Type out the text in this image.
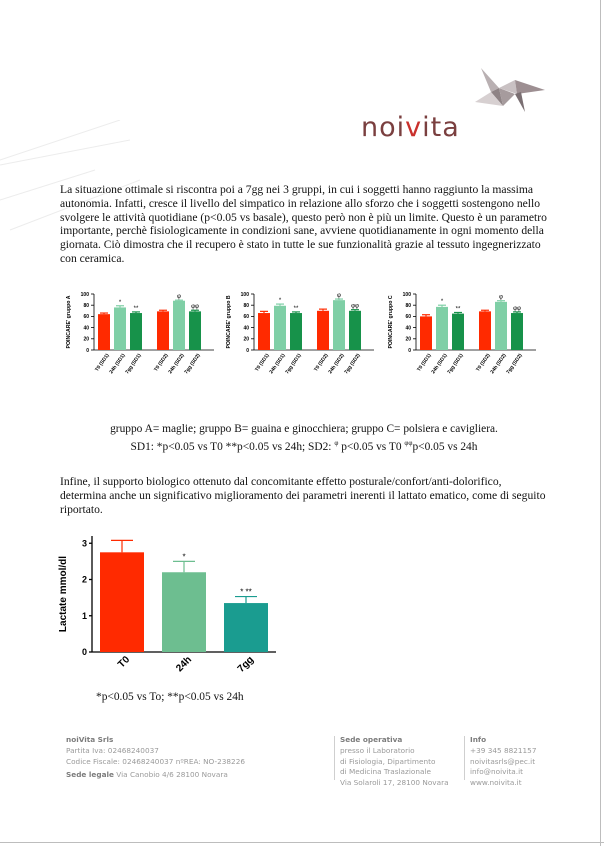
noivita

La situazione ottimale si riscontra poi a 7gg nei 3 gruppi, in cui i soggetti hanno raggiunto la massima autonomia. Infatti, cresce il livello del simpatico in relazione allo sforzo che i soggetti sostengono nello svolgere le attività quotidiane (p<0.05 vs basale), questo però non è più un limite. Questo è un parametro importante, perchè fisiologicamente in condizioni sane, avviene quotidianamente in ogni momento della giornata. Ciò dimostra che il recupero è stato in tutte le sue funzionalità grazie al tessuto ingegnerizzato con ceramica.

0
20
40
60
80
100
POINCARE' gruppo A
T0 (SD1)
*
24h (SD1)
**
7gg (SD1) T0 (SD2)
φ
24h (SD2)
φφ
7gg (SD2)
0
20
40
60
80
100
POINCARE' gruppo B
T0 (SD1)
*
24h (SD1)
**
7gg (SD1) T0 (SD2)
φ
24h (SD2)
φφ
7gg (SD2)
0
20
40
60
80
100
POINCARE' gruppo C
T0 (SD1)
*
24h (SD1)
**
7gg (SD1) T0 (SD2)
φ
24h (SD2)
φφ
7gg (SD2)

gruppo A= maglie; gruppo B= guaina e ginocchiera; gruppo C= polsiera e cavigliera.
SD1: *p<0.05 vs T0 **p<0.05 vs 24h; SD2: $^\varphi$ p<0.05 vs T0 $^{\varphi\varphi}$p<0.05 vs 24h

Infine, il supporto biologico ottenuto dal concomitante effetto posturale/confort/anti-dolorifico, determina anche un significativo miglioramento dei parametri inerenti il lattato ematico, come di seguito riportato.

0
1
2
3
Lactate mmol/dl
T0
*
24h
* **
7gg

*p<0.05 vs To; **p<0.05 vs 24h

noiVita Srls
Partita Iva: 02468240037
Codice Fiscale: 02468240037 nºREA: NO-238226
Sede legale Via Canobio 4/6 28100 Novara
Sede operativa
presso il Laboratorio
di Fisiologia, Dipartimento
di Medicina Traslazionale
Via Solaroli 17, 28100 Novara
Info
+39 345 8821157
noivitasrls@pec.it
info@noivita.it
www.noivita.it
